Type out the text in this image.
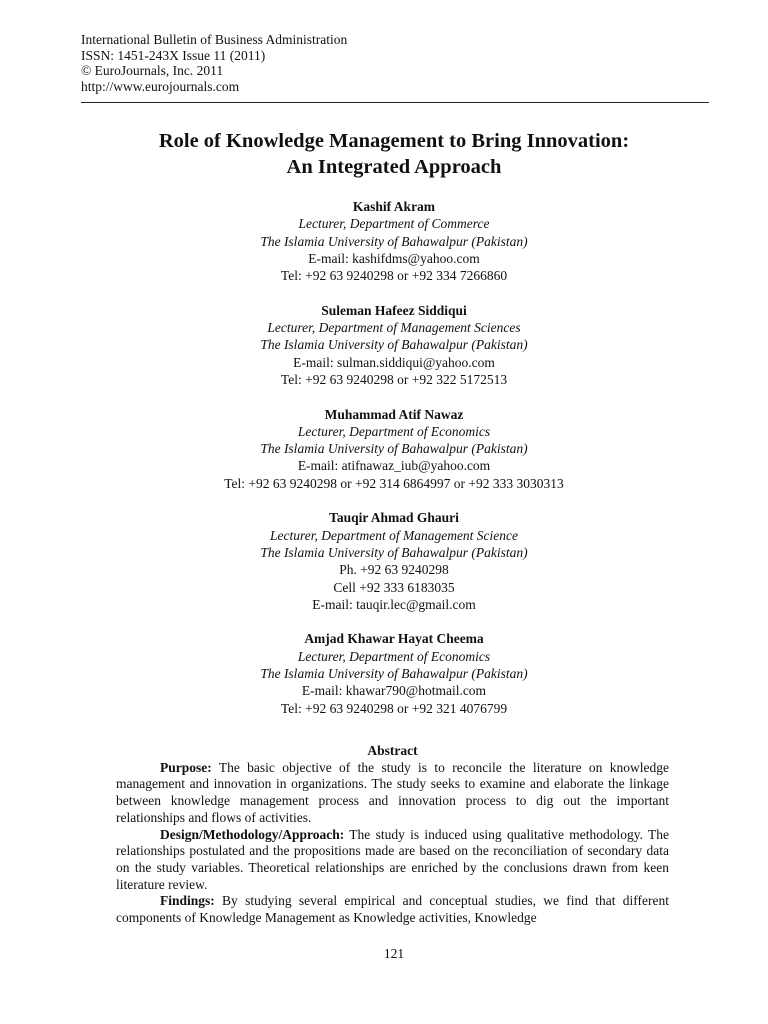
International Bulletin of Business Administration
ISSN: 1451-243X Issue 11 (2011)
© EuroJournals, Inc. 2011
http://www.eurojournals.com
Role of Knowledge Management to Bring Innovation:
An Integrated Approach
Kashif Akram
Lecturer, Department of Commerce
The Islamia University of Bahawalpur (Pakistan)
E-mail: kashifdms@yahoo.com
Tel: +92 63 9240298 or +92 334 7266860
Suleman Hafeez Siddiqui
Lecturer, Department of Management Sciences
The Islamia University of Bahawalpur (Pakistan)
E-mail: sulman.siddiqui@yahoo.com
Tel: +92 63 9240298 or +92 322 5172513
Muhammad Atif Nawaz
Lecturer, Department of Economics
The Islamia University of Bahawalpur (Pakistan)
E-mail: atifnawaz_iub@yahoo.com
Tel: +92 63 9240298 or +92 314 6864997 or +92 333 3030313
Tauqir Ahmad Ghauri
Lecturer, Department of Management Science
The Islamia University of Bahawalpur (Pakistan)
Ph. +92 63 9240298
Cell +92 333 6183035
E-mail: tauqir.lec@gmail.com
Amjad Khawar Hayat Cheema
Lecturer, Department of Economics
The Islamia University of Bahawalpur (Pakistan)
E-mail: khawar790@hotmail.com
Tel: +92 63 9240298 or +92 321 4076799
Abstract

Purpose: The basic objective of the study is to reconcile the literature on knowledge management and innovation in organizations. The study seeks to examine and elaborate the linkage between knowledge management process and innovation process to dig out the important relationships and flows of activities.

Design/Methodology/Approach: The study is induced using qualitative methodology. The relationships postulated and the propositions made are based on the reconciliation of secondary data on the study variables. Theoretical relationships are enriched by the conclusions drawn from keen literature review.

Findings: By studying several empirical and conceptual studies, we find that different components of Knowledge Management as Knowledge activities, Knowledge

121
